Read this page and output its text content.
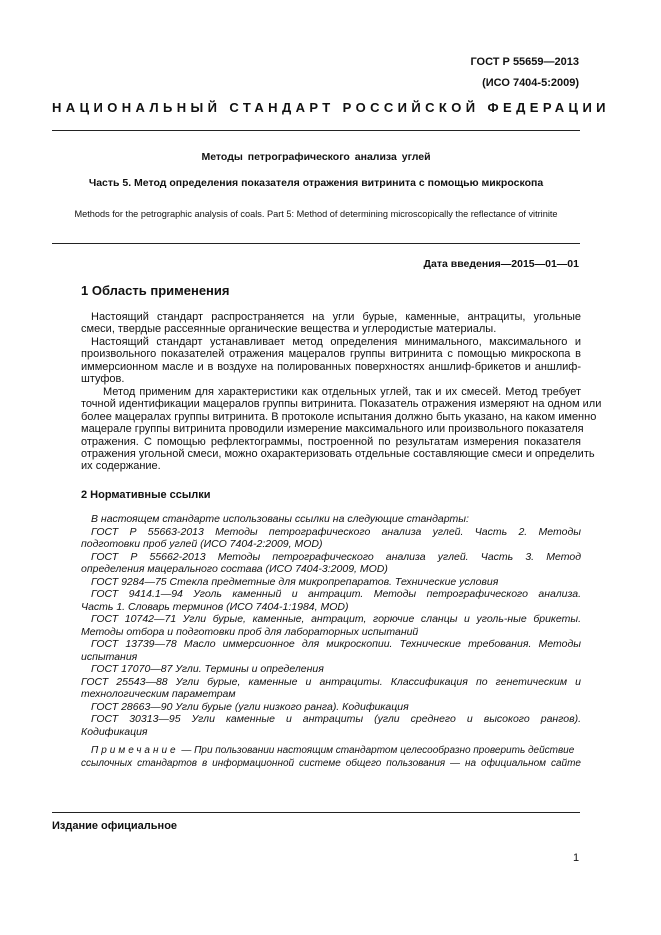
ГОСТ Р 55659—2013
(ИСО 7404-5:2009)
НАЦИОНАЛЬНЫЙ СТАНДАРТ РОССИЙСКОЙ ФЕДЕРАЦИИ
Методы петрографического анализа углей
Часть 5. Метод определения показателя отражения витринита с помощью микроскопа
Methods for the petrographic analysis of coals. Part 5: Method of determining microscopically the reflectance of vitrinite
Дата введения—2015—01—01
1 Область применения
Настоящий стандарт распространяется на угли бурые, каменные, антрациты, угольные
смеси, твердые рассеянные органические вещества и углеродистые материалы.
Настоящий стандарт устанавливает метод определения минимального, максимального и
произвольного показателей отражения мацералов группы витринита с помощью микроскопа в
иммерсионном масле и в воздухе на полированных поверхностях аншлиф-брикетов и аншлиф-
штуфов.
Метод применим для характеристики как отдельных углей, так и их смесей. Метод требует
точной идентификации мацералов группы витринита. Показатель отражения измеряют на одном или
более мацералах группы витринита. В протоколе испытания должно быть указано, на каком именно
мацерале группы витринита проводили измерение максимального или произвольного показателя
отражения. С помощью рефлектограммы, построенной по результатам измерения показателя
отражения угольной смеси, можно охарактеризовать отдельные составляющие смеси и определить
их содержание.
2 Нормативные ссылки
В настоящем стандарте использованы ссылки на следующие стандарты:
ГОСТ Р 55663-2013 Методы петрографического анализа углей. Часть 2. Методы
подготовки проб углей (ИСО 7404-2:2009, MOD)
ГОСТ Р 55662-2013 Методы петрографического анализа углей. Часть 3. Метод
определения мацерального состава (ИСО 7404-3:2009, MOD)
ГОСТ 9284—75 Стекла предметные для микропрепаратов. Технические условия
ГОСТ 9414.1—94 Уголь каменный и антрацит. Методы петрографического анализа.
Часть 1. Словарь терминов (ИСО 7404-1:1984, MOD)
ГОСТ 10742—71 Угли бурые, каменные, антрацит, горючие сланцы и уголь-ные брикеты.
Методы отбора и подготовки проб для лабораторных испытаний
ГОСТ 13739—78 Масло иммерсионное для микроскопии. Технические требования. Методы
испытания
ГОСТ 17070—87 Угли. Термины и определения
ГОСТ 25543—88 Угли бурые, каменные и антрациты. Классификация по генетическим и
технологическим параметрам
ГОСТ 28663—90 Угли бурые (угли низкого ранга). Кодификация
ГОСТ 30313—95 Угли каменные и антрациты (угли среднего и высокого рангов).
Кодификация
Примечание — При пользовании настоящим стандартом целесообразно проверить действие
ссылочных стандартов в информационной системе общего пользования — на официальном сайте
Издание официальное
1
